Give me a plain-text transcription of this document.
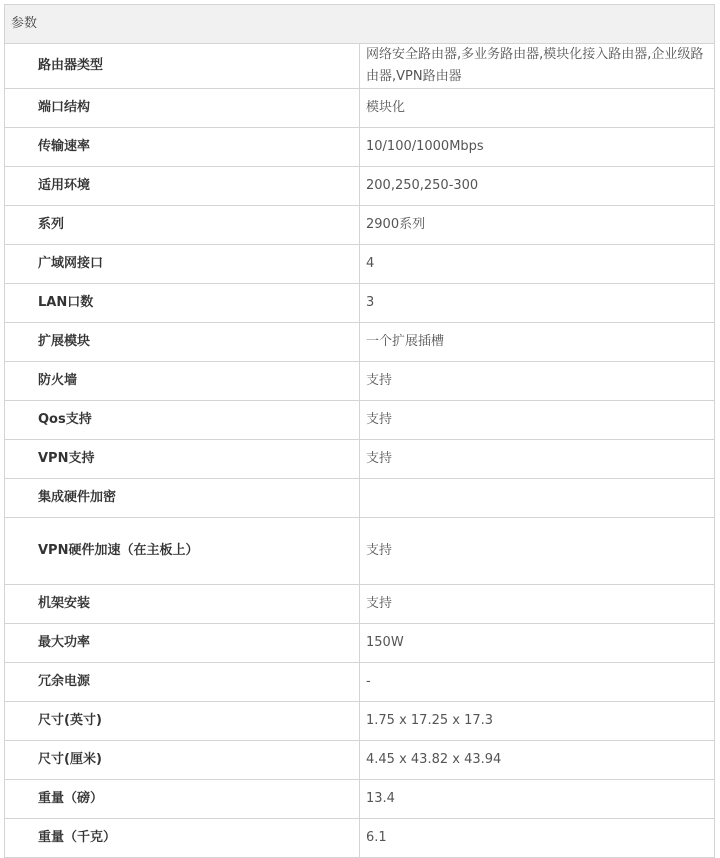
参数	
路由器类型	网络安全路由器,多业务路由器,模块化接入路由器,企业级路由器,VPN路由器
端口结构	模块化
传输速率	10/100/1000Mbps
适用环境	200,250,250-300
系列	2900系列
广域网接口	4
LAN口数	3
扩展模块	一个扩展插槽
防火墙	支持
Qos支持	支持
VPN支持	支持
集成硬件加密	
VPN硬件加速（在主板上）	支持
机架安装	支持
最大功率	150W
冗余电源	-
尺寸(英寸)	1.75 x 17.25 x 17.3
尺寸(厘米)	4.45 x 43.82 x 43.94
重量（磅）	13.4
重量（千克）	6.1
